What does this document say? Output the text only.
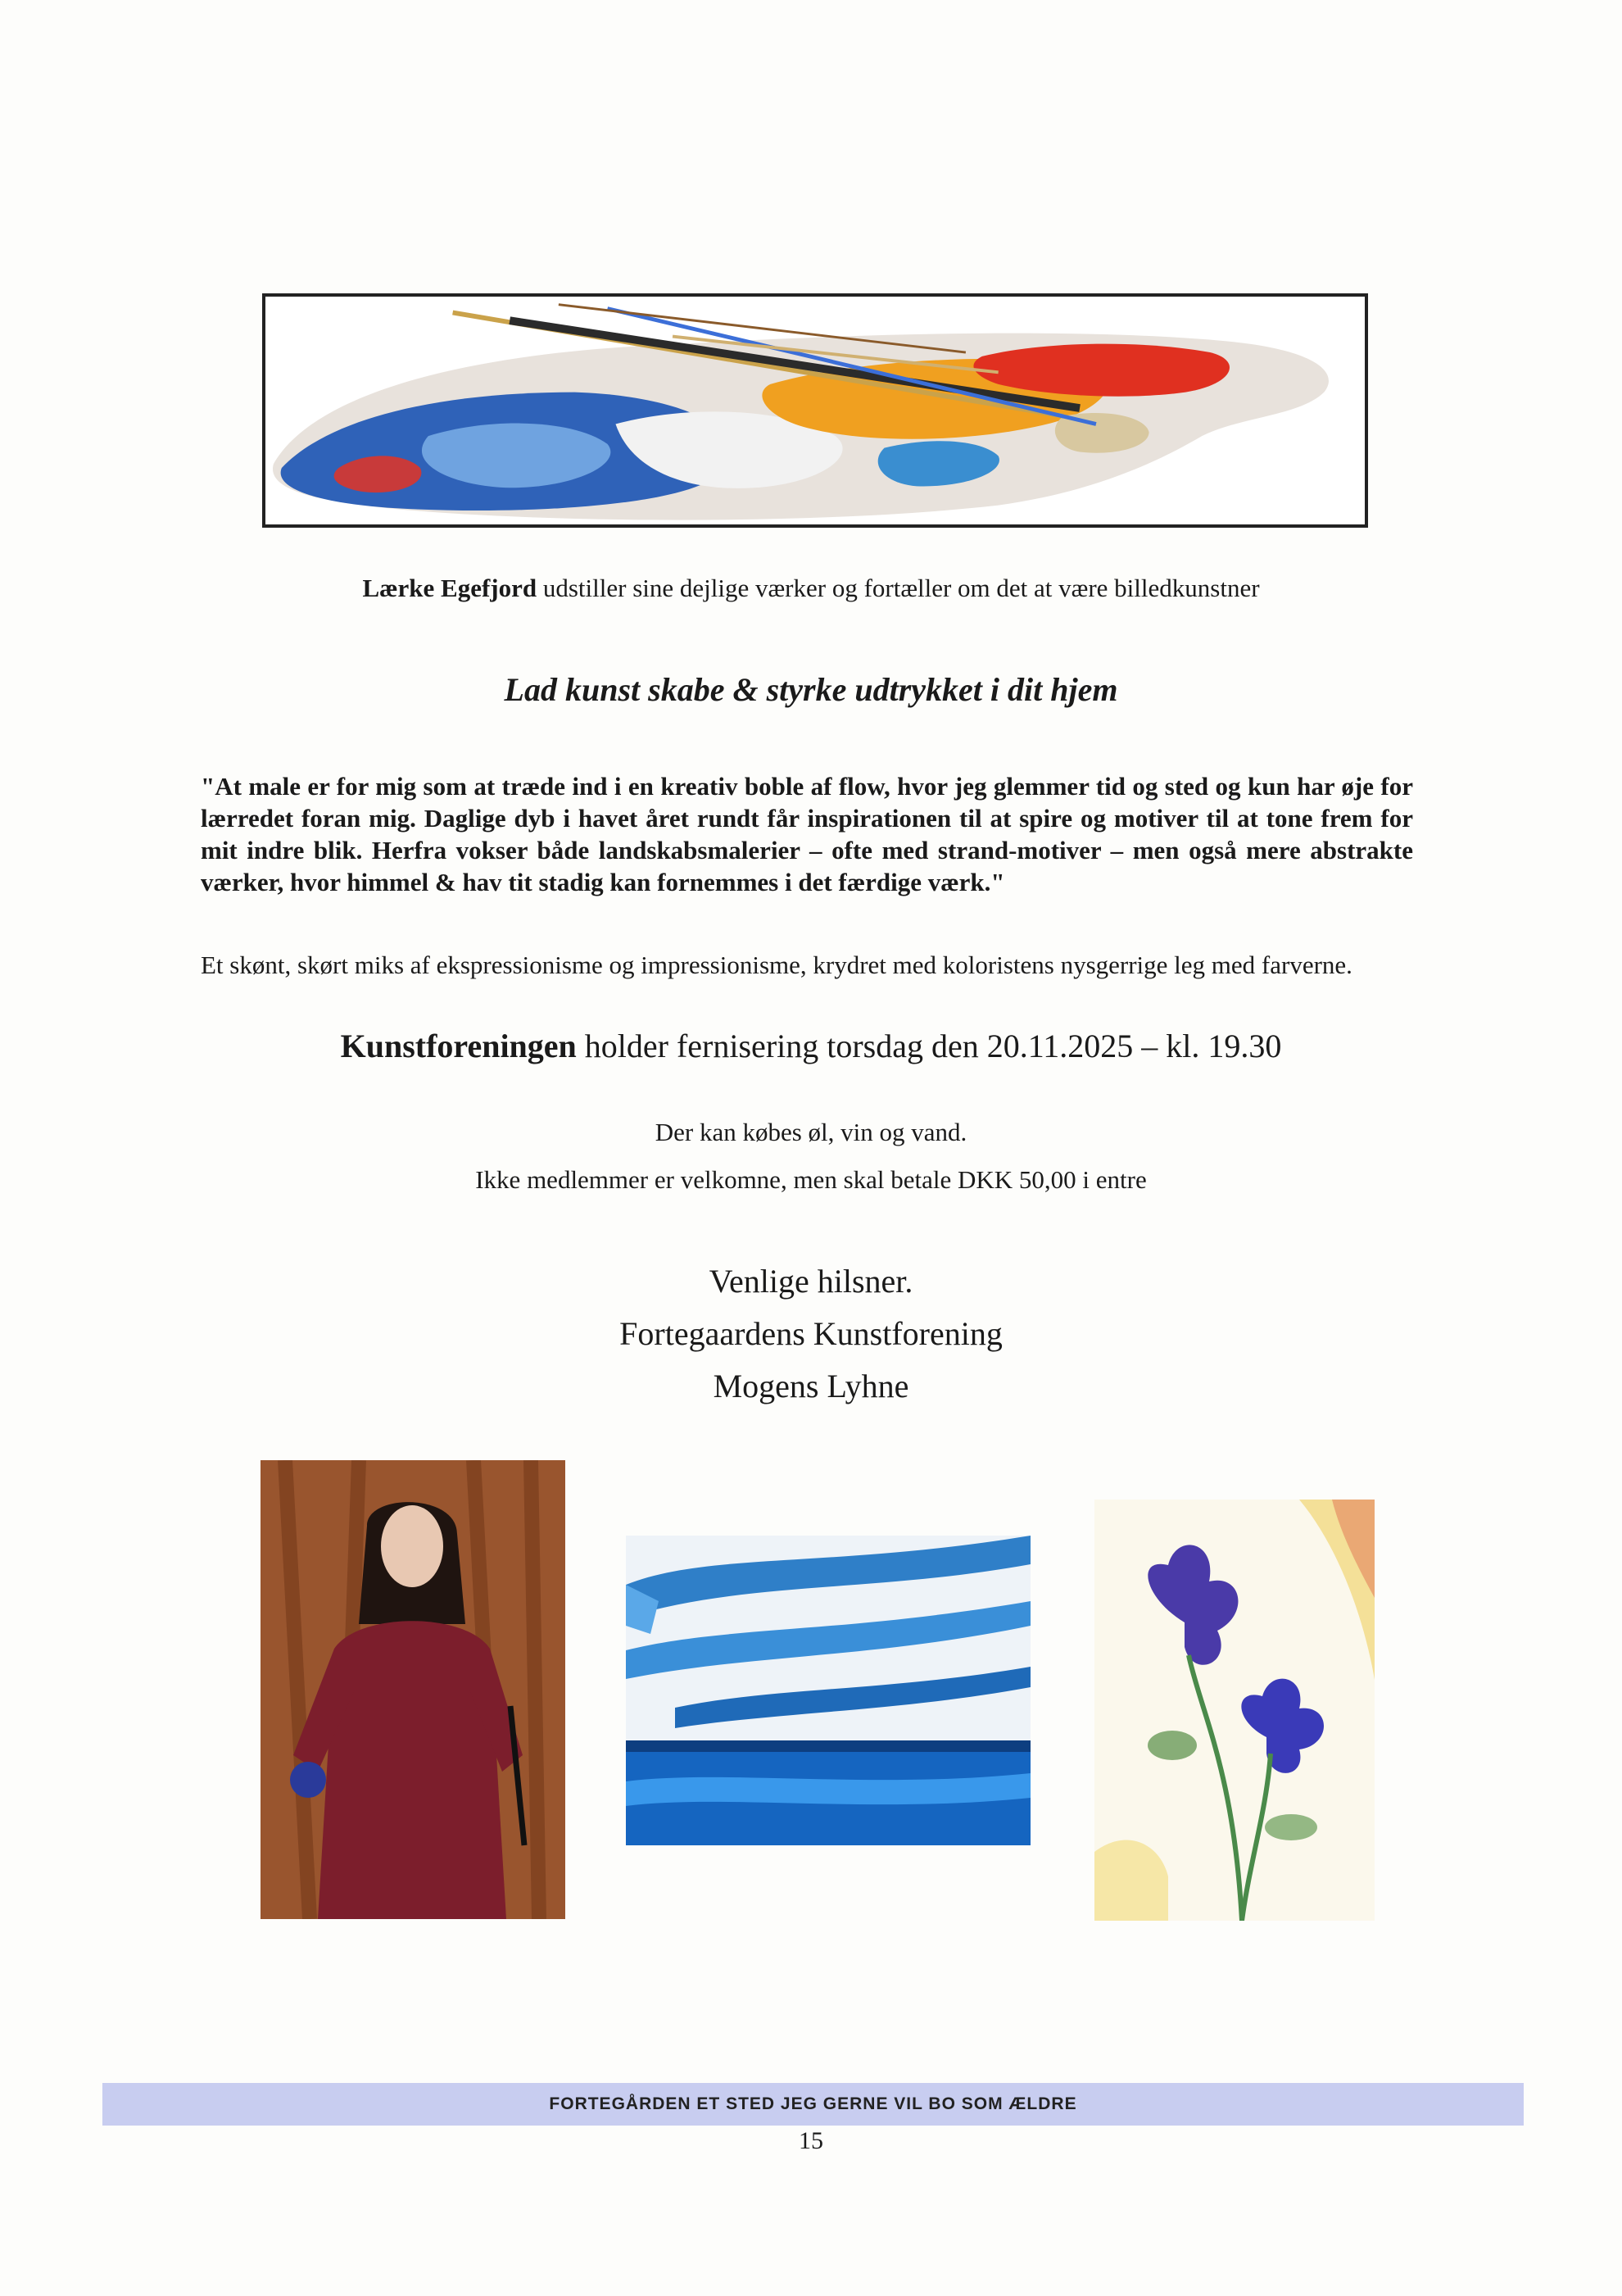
Lærke Egefjord udstiller sine dejlige værker og fortæller om det at være billedkunstner
Lad kunst skabe & styrke udtrykket i dit hjem
"At male er for mig som at træde ind i en kreativ boble af flow, hvor jeg glemmer tid og sted og kun har øje for lærredet foran mig. Daglige dyb i havet året rundt får inspirationen til at spire og motiver til at tone frem for mit indre blik. Herfra vokser både landskabsmalerier – ofte med strand-motiver – men også mere abstrakte værker, hvor himmel & hav tit stadig kan fornemmes i det færdige værk."
Et skønt, skørt miks af ekspressionisme og impressionisme, krydret med koloristens nysgerrige leg med farverne.
Kunstforeningen holder fernisering torsdag den 20.11.2025 – kl. 19.30
Der kan købes øl, vin og vand.
Ikke medlemmer er velkomne, men skal betale DKK 50,00 i entre
Venlige hilsner.
Fortegaardens Kunstforening
Mogens Lyhne
FORTEGÅRDEN ET STED JEG GERNE VIL BO SOM ÆLDRE
15
